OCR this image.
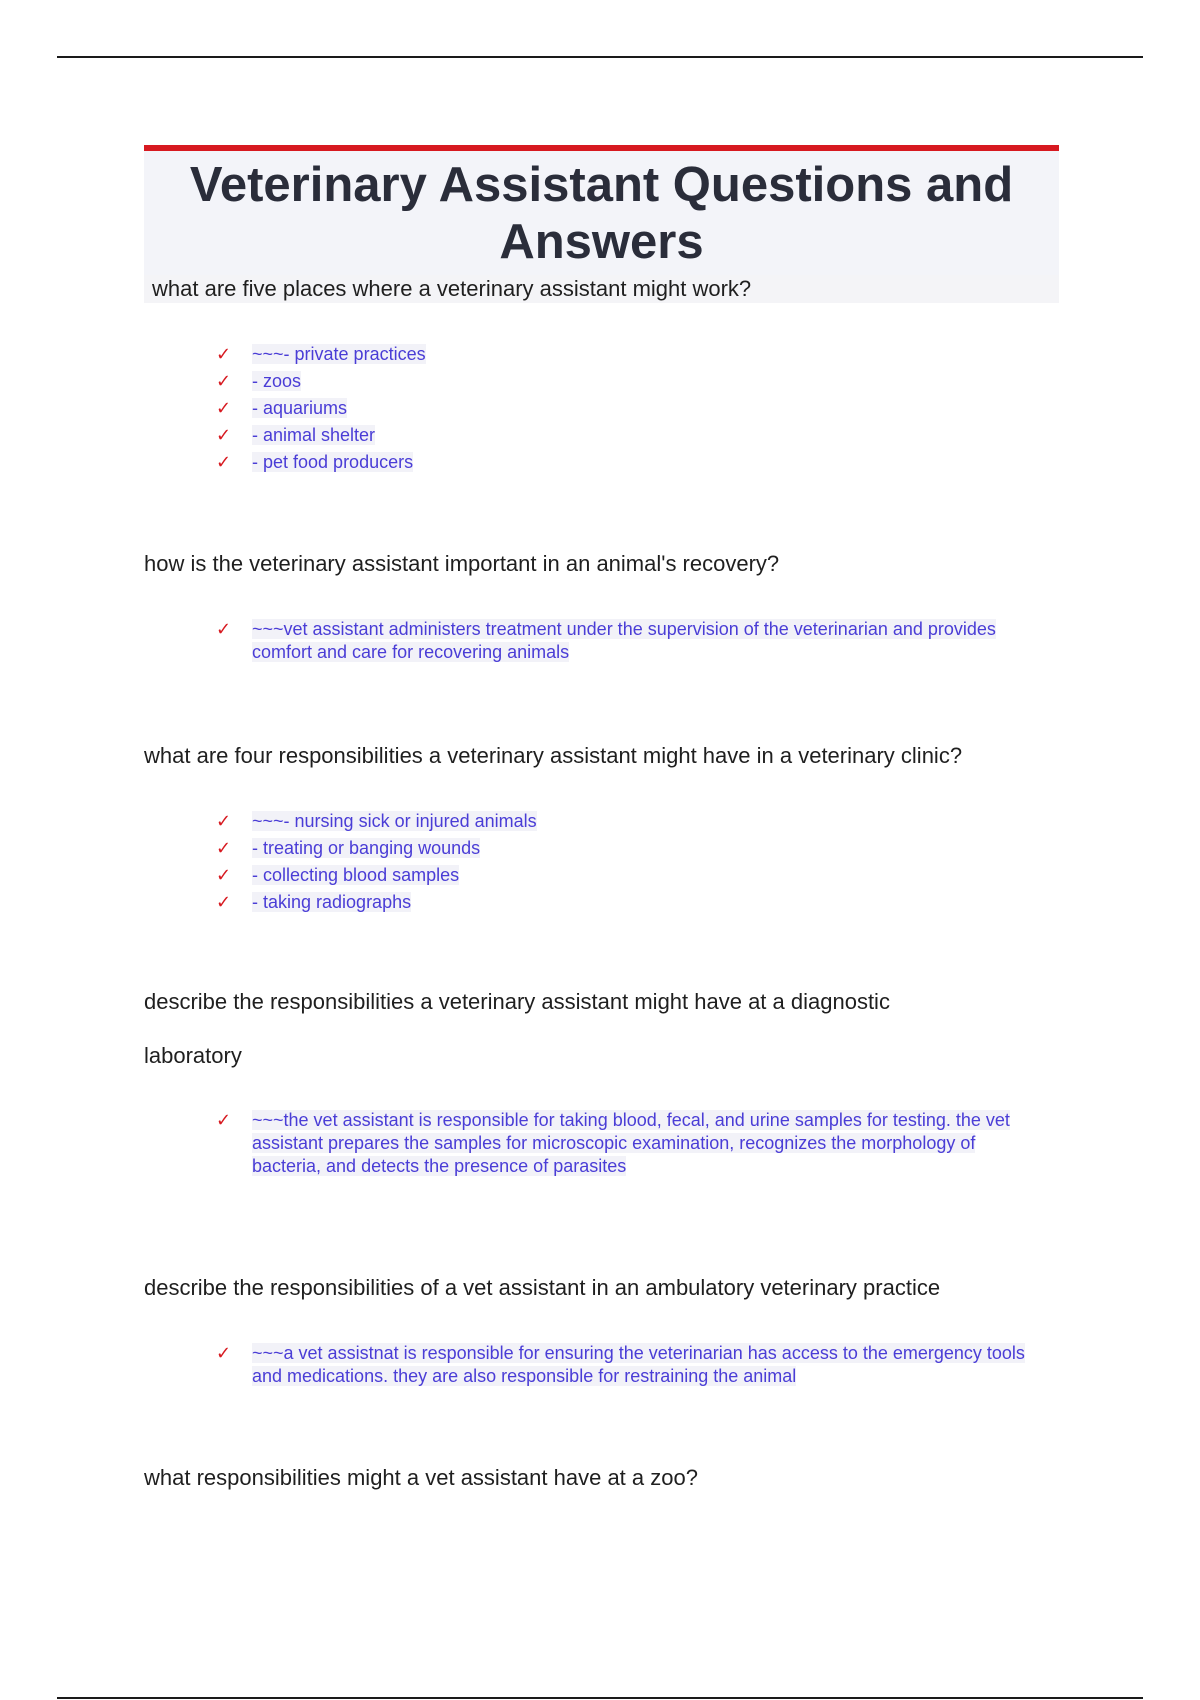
Veterinary Assistant Questions and Answers

what are five places where a veterinary assistant might work?

✓ ~~~- private practices
✓ - zoos
✓ - aquariums
✓ - animal shelter
✓ - pet food producers

how is the veterinary assistant important in an animal's recovery?

✓ ~~~vet assistant administers treatment under the supervision of the veterinarian and provides comfort and care for recovering animals

what are four responsibilities a veterinary assistant might have in a veterinary clinic?

✓ ~~~- nursing sick or injured animals
✓ - treating or banging wounds
✓ - collecting blood samples
✓ - taking radiographs

describe the responsibilities a veterinary assistant might have at a diagnostic laboratory

✓ ~~~the vet assistant is responsible for taking blood, fecal, and urine samples for testing. the vet assistant prepares the samples for microscopic examination, recognizes the morphology of bacteria, and detects the presence of parasites

describe the responsibilities of a vet assistant in an ambulatory veterinary practice

✓ ~~~a vet assistnat is responsible for ensuring the veterinarian has access to the emergency tools and medications. they are also responsible for restraining the animal

what responsibilities might a vet assistant have at a zoo?
